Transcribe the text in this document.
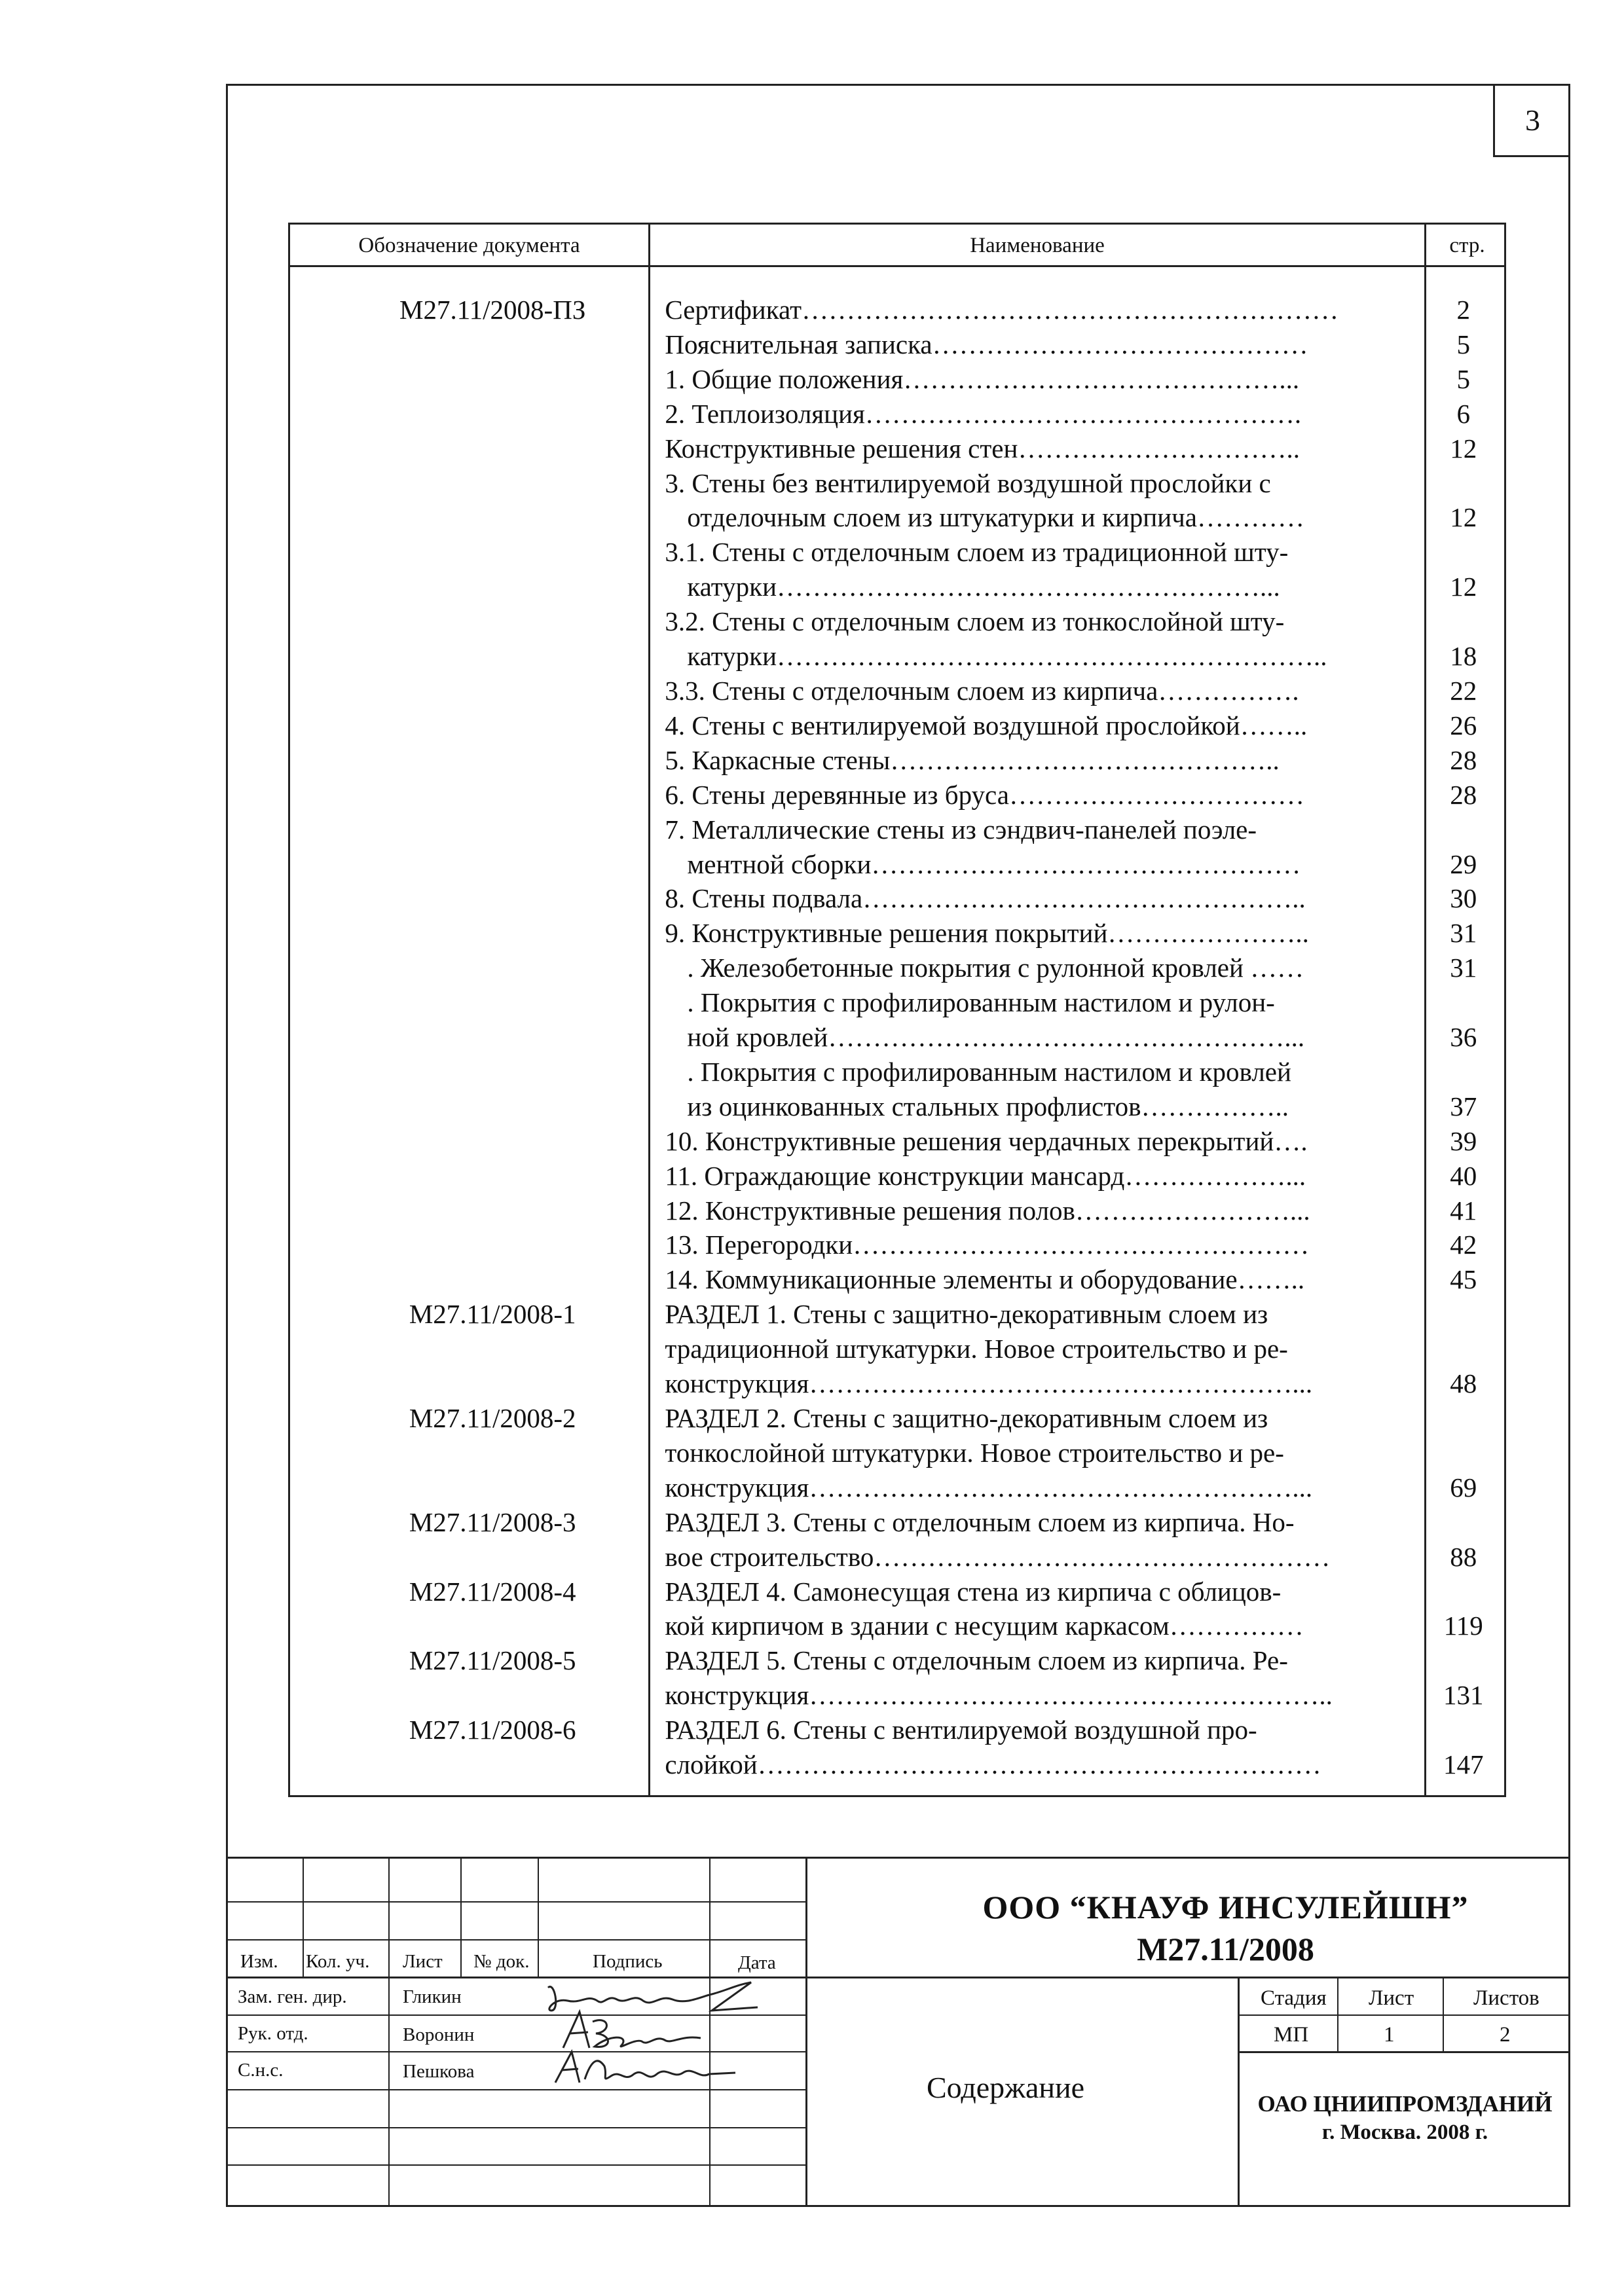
3
Обозначение документа	Наименование	стр.
М27.11/2008-ПЗ	Сертификат……………………………………………………	2
Пояснительная записка……………………………………	5
1. Общие положения……………………………………...	5
2. Теплоизоляция………………………………………….	6
Конструктивные решения стен…………………………..	12
3. Стены без вентилируемой воздушной прослойки с
отделочным слоем из штукатурки и кирпича…………	12
3.1. Стены с отделочным слоем из традиционной шту-
катурки………………………………………………...	12
3.2. Стены с отделочным слоем из тонкослойной шту-
катурки……………………………………………………..	18
3.3. Стены с отделочным слоем из кирпича…………….	22
4. Стены с вентилируемой воздушной прослойкой……..	26
5. Каркасные стены……………………………………..	28
6. Стены деревянные из бруса……………………………	28
7. Металлические стены из сэндвич-панелей поэле-
ментной сборки…………………………………………	29
8. Стены подвала…………………………………………..	30
9. Конструктивные решения покрытий…………………..	31
. Железобетонные покрытия с рулонной кровлей ……	31
. Покрытия с профилированным настилом и рулон-
ной кровлей……………………………………………...	36
. Покрытия с профилированным настилом и кровлей
из оцинкованных стальных профлистов……………..	37
10. Конструктивные решения чердачных перекрытий….	39
11. Ограждающие конструкции мансард………………...	40
12. Конструктивные решения полов……………………...	41
13. Перегородки……………………………………………	42
14. Коммуникационные элементы и оборудование……..	45
М27.11/2008-1	РАЗДЕЛ 1. Стены с защитно-декоративным слоем из
традиционной штукатурки. Новое строительство и ре-
конструкция………………………………………………...	48
М27.11/2008-2	РАЗДЕЛ 2. Стены с защитно-декоративным слоем из
тонкослойной штукатурки. Новое строительство и ре-
конструкция………………………………………………...	69
М27.11/2008-3	РАЗДЕЛ 3. Стены с отделочным слоем из кирпича. Но-
вое строительство……………………………………………	88
М27.11/2008-4	РАЗДЕЛ 4. Самонесущая стена из кирпича с облицов-
кой кирпичом в здании с несущим каркасом……………	119
М27.11/2008-5	РАЗДЕЛ 5. Стены с отделочным слоем из кирпича. Ре-
конструкция…………………………………………………..	131
М27.11/2008-6	РАЗДЕЛ 6. Стены с вентилируемой воздушной про-
слойкой………………………………………………………	147
Изм. Кол. уч. Лист № док.	Подпись	Дата
Зам. ген. дир.	Гликин
Рук. отд.	Воронин
С.н.с.	Пешкова
ООО “КНАУФ ИНСУЛЕЙШН”
М27.11/2008
Содержание
Стадия Лист	Листов
МП	1	2
ОАО ЦНИИПРОМЗДАНИЙ
г. Москва. 2008 г.
